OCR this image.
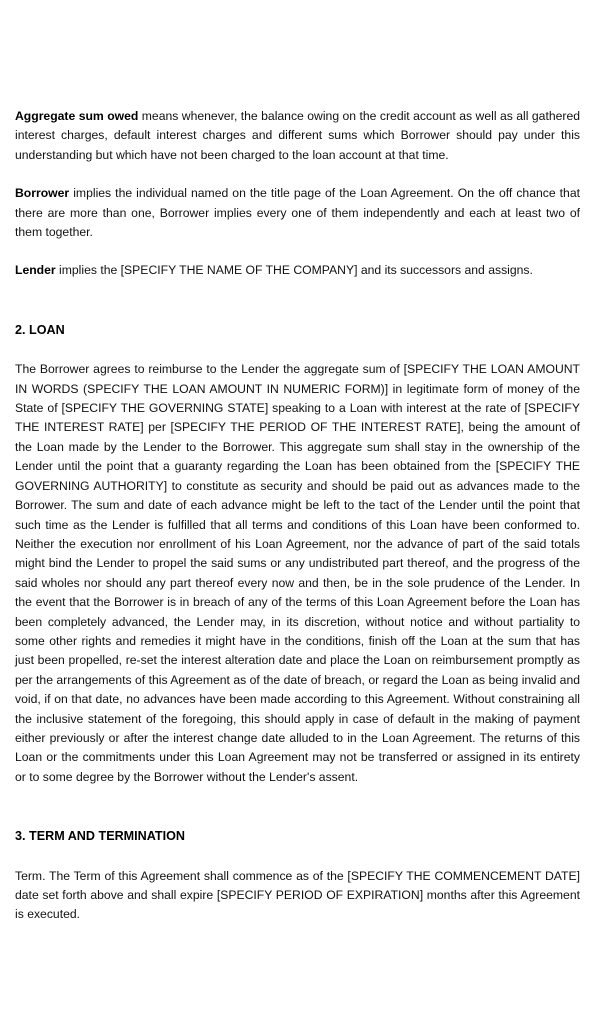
Aggregate sum owed means whenever, the balance owing on the credit account as well as all gathered interest charges, default interest charges and different sums which Borrower should pay under this understanding but which have not been charged to the loan account at that time.

Borrower implies the individual named on the title page of the Loan Agreement. On the off chance that there are more than one, Borrower implies every one of them independently and each at least two of them together.

Lender implies the [SPECIFY THE NAME OF THE COMPANY] and its successors and assigns.

2. LOAN

The Borrower agrees to reimburse to the Lender the aggregate sum of [SPECIFY THE LOAN AMOUNT IN WORDS (SPECIFY THE LOAN AMOUNT IN NUMERIC FORM)] in legitimate form of money of the State of [SPECIFY THE GOVERNING STATE] speaking to a Loan with interest at the rate of [SPECIFY THE INTEREST RATE] per [SPECIFY THE PERIOD OF THE INTEREST RATE], being the amount of the Loan made by the Lender to the Borrower. This aggregate sum shall stay in the ownership of the Lender until the point that a guaranty regarding the Loan has been obtained from the [SPECIFY THE GOVERNING AUTHORITY] to constitute as security and should be paid out as advances made to the Borrower. The sum and date of each advance might be left to the tact of the Lender until the point that such time as the Lender is fulfilled that all terms and conditions of this Loan have been conformed to. Neither the execution nor enrollment of his Loan Agreement, nor the advance of part of the said totals might bind the Lender to propel the said sums or any undistributed part thereof, and the progress of the said wholes nor should any part thereof every now and then, be in the sole prudence of the Lender. In the event that the Borrower is in breach of any of the terms of this Loan Agreement before the Loan has been completely advanced, the Lender may, in its discretion, without notice and without partiality to some other rights and remedies it might have in the conditions, finish off the Loan at the sum that has just been propelled, re-set the interest alteration date and place the Loan on reimbursement promptly as per the arrangements of this Agreement as of the date of breach, or regard the Loan as being invalid and void, if on that date, no advances have been made according to this Agreement. Without constraining all the inclusive statement of the foregoing, this should apply in case of default in the making of payment either previously or after the interest change date alluded to in the Loan Agreement. The returns of this Loan or the commitments under this Loan Agreement may not be transferred or assigned in its entirety or to some degree by the Borrower without the Lender's assent.

3. TERM AND TERMINATION

Term. The Term of this Agreement shall commence as of the [SPECIFY THE COMMENCEMENT DATE] date set forth above and shall expire [SPECIFY PERIOD OF EXPIRATION] months after this Agreement is executed.
